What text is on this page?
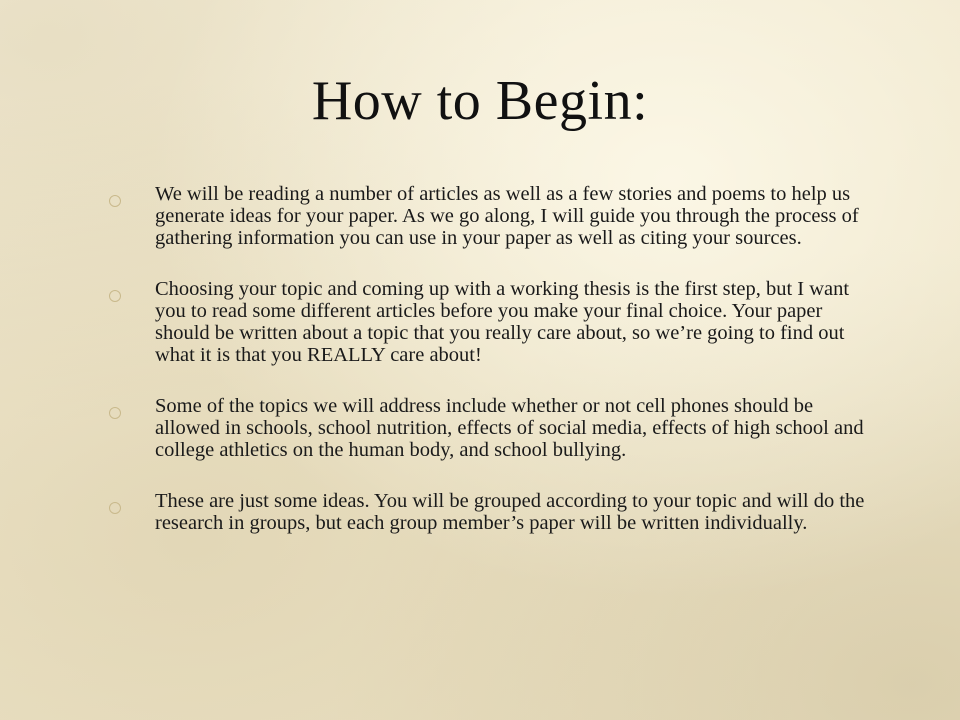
How to Begin:
We will be reading a number of articles as well as a few stories and poems to help us generate ideas for your paper. As we go along, I will guide you through the process of gathering information you can use in your paper as well as citing your sources.
Choosing your topic and coming up with a working thesis is the first step, but I want you to read some different articles before you make your final choice. Your paper should be written about a topic that you really care about, so we’re going to find out what it is that you REALLY care about!
Some of the topics we will address include whether or not cell phones should be allowed in schools, school nutrition, effects of social media, effects of high school and college athletics on the human body, and school bullying.
These are just some ideas. You will be grouped according to your topic and will do the research in groups, but each group member’s paper will be written individually.
